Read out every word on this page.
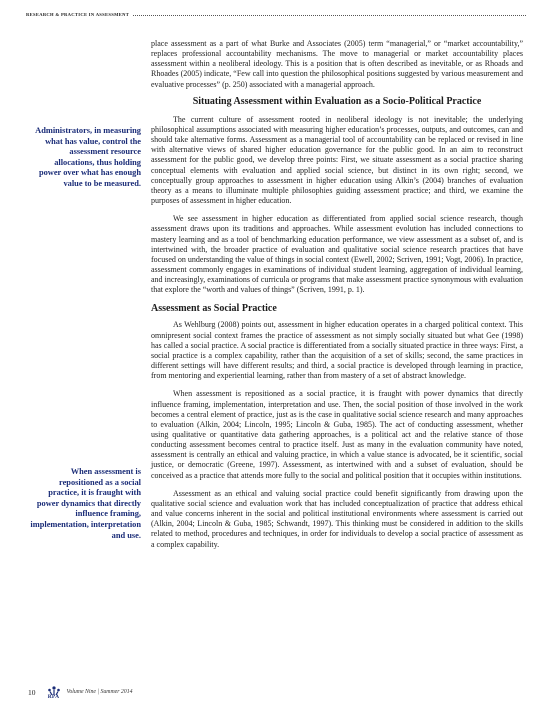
RESEARCH & PRACTICE IN ASSESSMENT
Administrators, in measuring what has value, control the assessment resource allocations, thus holding power over what has enough value to be measured.
When assessment is repositioned as a social practice, it is fraught with power dynamics that directly influence framing, implementation, interpretation and use.

place assessment as a part of what Burke and Associates (2005) term “managerial,” or “market accountability,” replaces professional accountability mechanisms. The move to managerial or market accountability places assessment within a neoliberal ideology. This is a position that is often described as inevitable, or as Rhoads and Rhoades (2005) indicate, “Few call into question the philosophical positions suggested by various measurement and evaluative processes” (p. 250) associated with a managerial approach.

Situating Assessment within Evaluation as a Socio-Political Practice

The current culture of assessment rooted in neoliberal ideology is not inevitable; the underlying philosophical assumptions associated with measuring higher education’s processes, outputs, and outcomes, can and should take alternative forms. Assessment as a managerial tool of accountability can be replaced or revised in line with alternative views of shared higher education governance for the public good. In an aim to reconstruct assessment for the public good, we develop three points: First, we situate assessment as a social practice sharing conceptual elements with evaluation and applied social science, but distinct in its own right; second, we conceptually group approaches to assessment in higher education using Alkin’s (2004) branches of evaluation theory as a means to illuminate multiple philosophies guiding assessment practice; and third, we examine the purposes of assessment in higher education.

We see assessment in higher education as differentiated from applied social science research, though assessment draws upon its traditions and approaches. While assessment evolution has included connections to mastery learning and as a tool of benchmarking education performance, we view assessment as a subset of, and is intertwined with, the broader practice of evaluation and qualitative social science research practices that have focused on understanding the value of things in social context (Ewell, 2002; Scriven, 1991; Vogt, 2006). In practice, assessment commonly engages in examinations of individual student learning, aggregation of individual learning, and increasingly, examinations of curricula or programs that make assessment practice synonymous with evaluation that explore the “worth and values of things” (Scriven, 1991, p. 1).

Assessment as Social Practice

As Wehlburg (2008) points out, assessment in higher education operates in a charged political context. This omnipresent social context frames the practice of assessment as not simply socially situated but what Gee (1998) has called a social practice. A social practice is differentiated from a socially situated practice in three ways: First, a social practice is a complex capability, rather than the acquisition of a set of skills; second, the same practices in different settings will have different results; and third, a social practice is developed through learning in practice, from mentoring and experiential learning, rather than from mastery of a set of abstract knowledge.

When assessment is repositioned as a social practice, it is fraught with power dynamics that directly influence framing, implementation, interpretation and use. Then, the social position of those involved in the work becomes a central element of practice, just as is the case in qualitative social science research and many approaches to evaluation (Alkin, 2004; Lincoln, 1995; Lincoln & Guba, 1985). The act of conducting assessment, whether using qualitative or quantitative data gathering approaches, is a political act and the relative stance of those conducting assessment becomes central to practice itself. Just as many in the evaluation community have noted, assessment is centrally an ethical and valuing practice, in which a value stance is advocated, be it scientific, social justice, or democratic (Greene, 1997). Assessment, as intertwined with and a subset of evaluation, should be conceived as a practice that attends more fully to the social and political position that it occupies within institutions.

Assessment as an ethical and valuing social practice could benefit significantly from drawing upon the qualitative social science and evaluation work that has included conceptualization of practice that address ethical and value concerns inherent in the social and political institutional environments where assessment is carried out (Alkin, 2004; Lincoln & Guba, 1985; Schwandt, 1997). This thinking must be considered in addition to the skills related to method, procedures and techniques, in order for individuals to develop a social practice of assessment as a complex capability.

10 RPA
Volume Nine | Summer 2014
